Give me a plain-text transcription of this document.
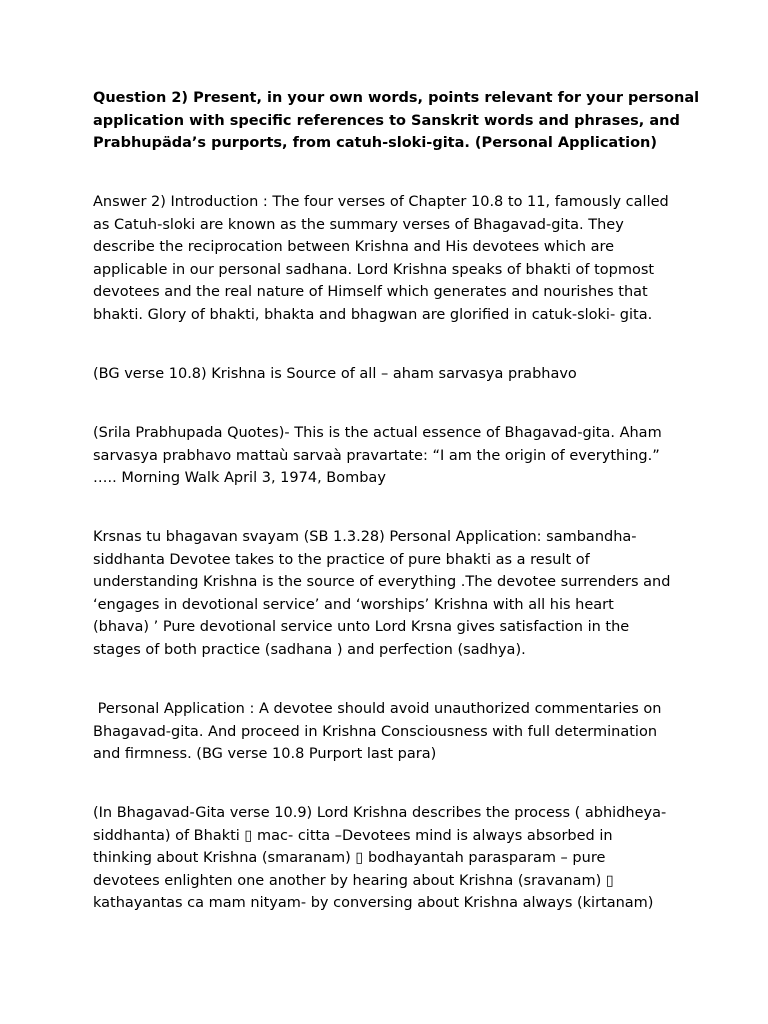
Question 2) Present, in your own words, points relevant for your personal
application with specific references to Sanskrit words and phrases, and
Prabhupäda’s purports, from catuh-sloki-gita. (Personal Application)
Answer 2) Introduction : The four verses of Chapter 10.8 to 11, famously called
as Catuh-sloki are known as the summary verses of Bhagavad-gita. They
describe the reciprocation between Krishna and His devotees which are
applicable in our personal sadhana. Lord Krishna speaks of bhakti of topmost
devotees and the real nature of Himself which generates and nourishes that
bhakti. Glory of bhakti, bhakta and bhagwan are glorified in catuk-sloki- gita.
(BG verse 10.8) Krishna is Source of all – aham sarvasya prabhavo
(Srila Prabhupada Quotes)- This is the actual essence of Bhagavad-gita. Aham
sarvasya prabhavo mattaù sarvaà pravartate: “I am the origin of everything.”
….. Morning Walk April 3, 1974, Bombay
Krsnas tu bhagavan svayam (SB 1.3.28) Personal Application: sambandha-
siddhanta Devotee takes to the practice of pure bhakti as a result of
understanding Krishna is the source of everything .The devotee surrenders and
‘engages in devotional service’ and ‘worships’ Krishna with all his heart
(bhava) ’ Pure devotional service unto Lord Krsna gives satisfaction in the
stages of both practice (sadhana ) and perfection (sadhya).
Personal Application : A devotee should avoid unauthorized commentaries on
Bhagavad-gita. And proceed in Krishna Consciousness with full determination
and firmness. (BG verse 10.8 Purport last para)
(In Bhagavad-Gita verse 10.9) Lord Krishna describes the process ( abhidheya-
siddhanta) of Bhakti ▯ mac- citta –Devotees mind is always absorbed in
thinking about Krishna (smaranam) ▯ bodhayantah parasparam – pure
devotees enlighten one another by hearing about Krishna (sravanam) ▯
kathayantas ca mam nityam- by conversing about Krishna always (kirtanam)
